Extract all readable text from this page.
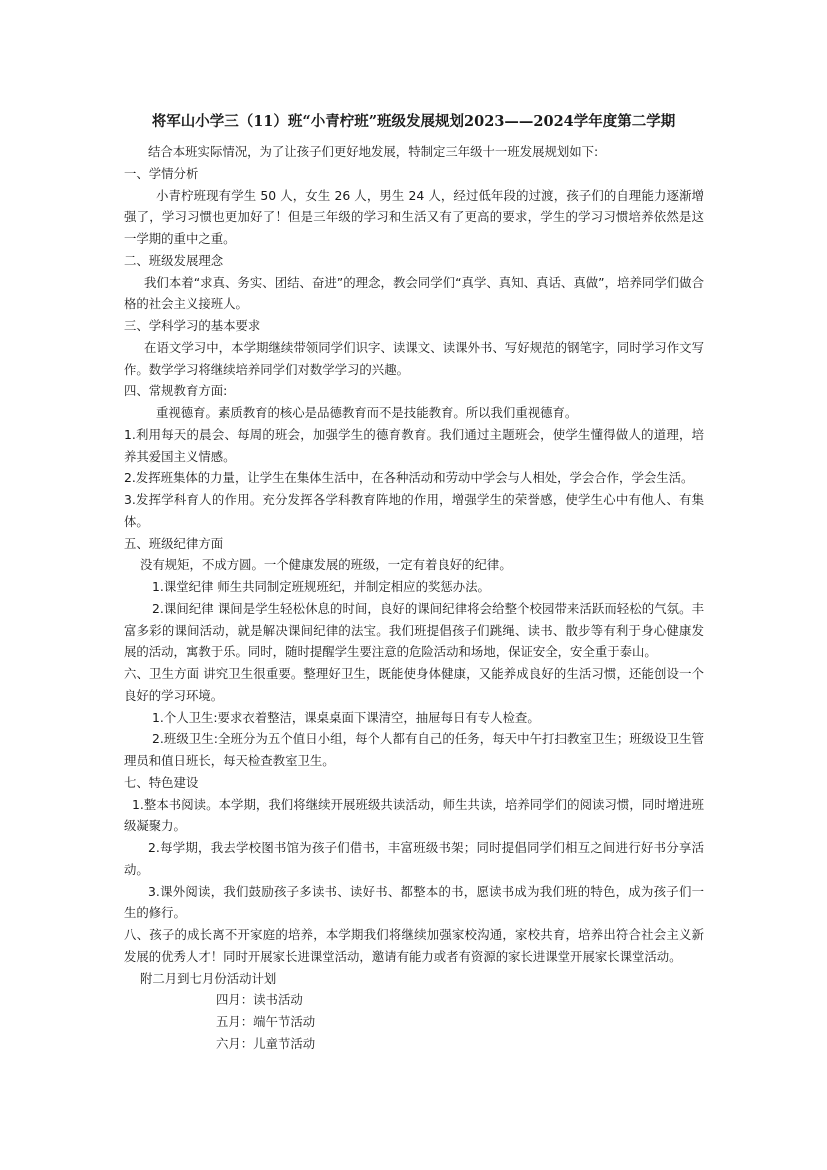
将军山小学三（11）班“小青柠班”班级发展规划2023——2024学年度第二学期

结合本班实际情况，为了让孩子们更好地发展，特制定三年级十一班发展规划如下:

一、学情分析

小青柠班现有学生 50 人，女生 26 人，男生 24 人，经过低年段的过渡，孩子们的自理能力逐渐增强了，学习习惯也更加好了！但是三年级的学习和生活又有了更高的要求，学生的学习习惯培养依然是这一学期的重中之重。

二、班级发展理念

我们本着“求真、务实、团结、奋进”的理念，教会同学们“真学、真知、真话、真做”，培养同学们做合格的社会主义接班人。

三、学科学习的基本要求

在语文学习中，本学期继续带领同学们识字、读课文、读课外书、写好规范的钢笔字，同时学习作文写作。数学学习将继续培养同学们对数学学习的兴趣。

四、常规教育方面:

重视德育。素质教育的核心是品德教育而不是技能教育。所以我们重视德育。

1.利用每天的晨会、每周的班会，加强学生的德育教育。我们通过主题班会，使学生懂得做人的道理，培养其爱国主义情感。

2.发挥班集体的力量，让学生在集体生活中，在各种活动和劳动中学会与人相处，学会合作，学会生活。

3.发挥学科育人的作用。充分发挥各学科教育阵地的作用，增强学生的荣誉感，使学生心中有他人、有集体。

五、班级纪律方面

没有规矩，不成方圆。一个健康发展的班级，一定有着良好的纪律。

1.课堂纪律 师生共同制定班规班纪，并制定相应的奖惩办法。

2.课间纪律 课间是学生轻松休息的时间，良好的课间纪律将会给整个校园带来活跃而轻松的气氛。丰富多彩的课间活动，就是解决课间纪律的法宝。我们班提倡孩子们跳绳、读书、散步等有利于身心健康发展的活动，寓教于乐。同时，随时提醒学生要注意的危险活动和场地，保证安全，安全重于泰山。

六、卫生方面 讲究卫生很重要。整理好卫生，既能使身体健康，又能养成良好的生活习惯，还能创设一个良好的学习环境。

1.个人卫生:要求衣着整洁，课桌桌面下课清空，抽屉每日有专人检查。

2.班级卫生:全班分为五个值日小组，每个人都有自己的任务，每天中午打扫教室卫生；班级设卫生管理员和值日班长，每天检查教室卫生。

七、特色建设

1.整本书阅读。本学期，我们将继续开展班级共读活动，师生共读，培养同学们的阅读习惯，同时增进班级凝聚力。

2.每学期，我去学校图书馆为孩子们借书，丰富班级书架；同时提倡同学们相互之间进行好书分享活动。

3.课外阅读，我们鼓励孩子多读书、读好书、都整本的书，愿读书成为我们班的特色，成为孩子们一生的修行。

八、孩子的成长离不开家庭的培养，本学期我们将继续加强家校沟通，家校共育，培养出符合社会主义新发展的优秀人才！同时开展家长进课堂活动，邀请有能力或者有资源的家长进课堂开展家长课堂活动。

附二月到七月份活动计划

四月：读书活动

五月：端午节活动

六月：儿童节活动
